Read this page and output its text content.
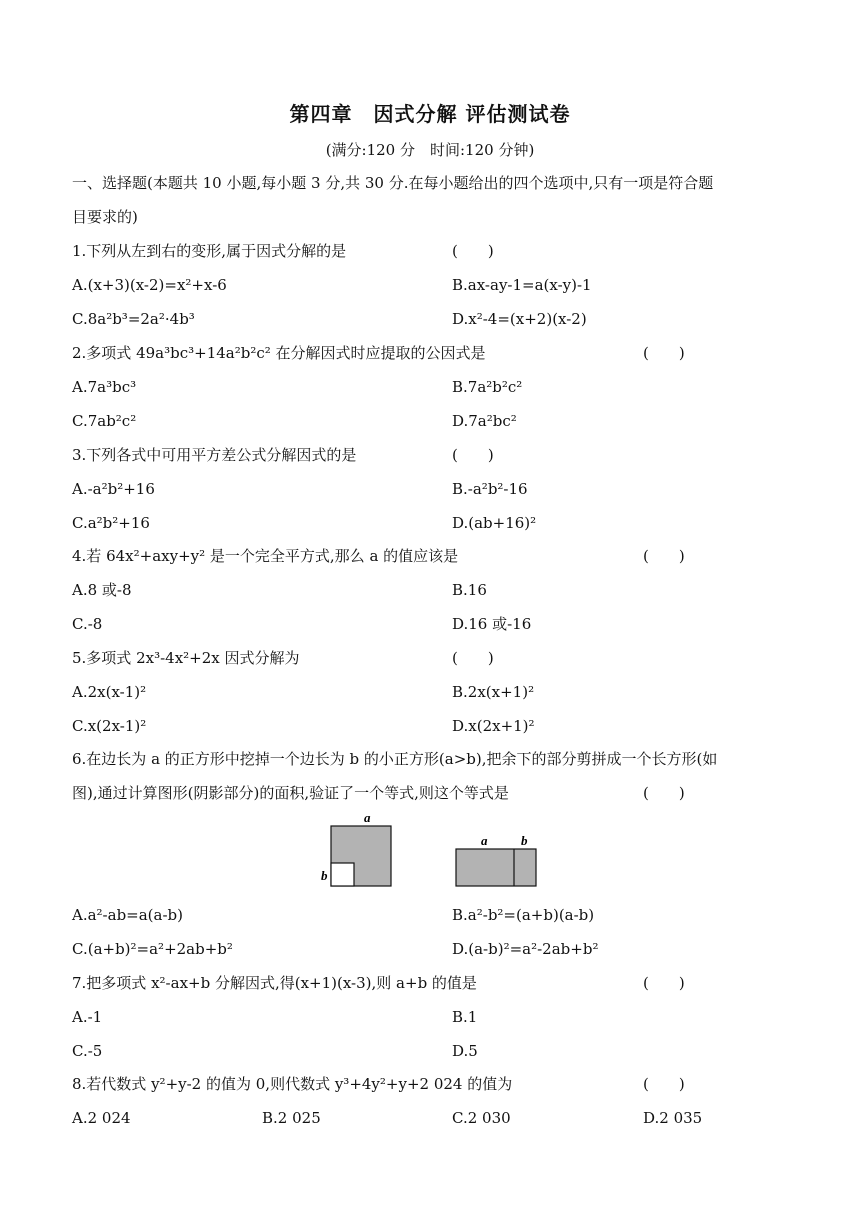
第四章　因式分解 评估测试卷
(满分:120 分　时间:120 分钟)
一、选择题(本题共 10 小题,每小题 3 分,共 30 分.在每小题给出的四个选项中,只有一项是符合题
目要求的)
1.下列从左到右的变形,属于因式分解的是	(　　)
A.(x+3)(x-2)=x²+x-6	B.ax-ay-1=a(x-y)-1
C.8a²b³=2a²·4b³	D.x²-4=(x+2)(x-2)
2.多项式 49a³bc³+14a²b²c² 在分解因式时应提取的公因式是	(　　)
A.7a³bc³	B.7a²b²c²
C.7ab²c²	D.7a²bc²
3.下列各式中可用平方差公式分解因式的是	(　　)
A.-a²b²+16	B.-a²b²-16
C.a²b²+16	D.(ab+16)²
4.若 64x²+axy+y² 是一个完全平方式,那么 a 的值应该是	(　　)
A.8 或-8	B.16
C.-8	D.16 或-16
5.多项式 2x³-4x²+2x 因式分解为	(　　)
A.2x(x-1)²	B.2x(x+1)²
C.x(2x-1)²	D.x(2x+1)²
6.在边长为 a 的正方形中挖掉一个边长为 b 的小正方形(a>b),把余下的部分剪拼成一个长方形(如
图),通过计算图形(阴影部分)的面积,验证了一个等式,则这个等式是	(　　)
a
b
a	b
A.a²-ab=a(a-b)	B.a²-b²=(a+b)(a-b)
C.(a+b)²=a²+2ab+b²	D.(a-b)²=a²-2ab+b²
7.把多项式 x²-ax+b 分解因式,得(x+1)(x-3),则 a+b 的值是	(　　)
A.-1	B.1
C.-5	D.5
8.若代数式 y²+y-2 的值为 0,则代数式 y³+4y²+y+2 024 的值为	(　　)
A.2 024	B.2 025	C.2 030	D.2 035
